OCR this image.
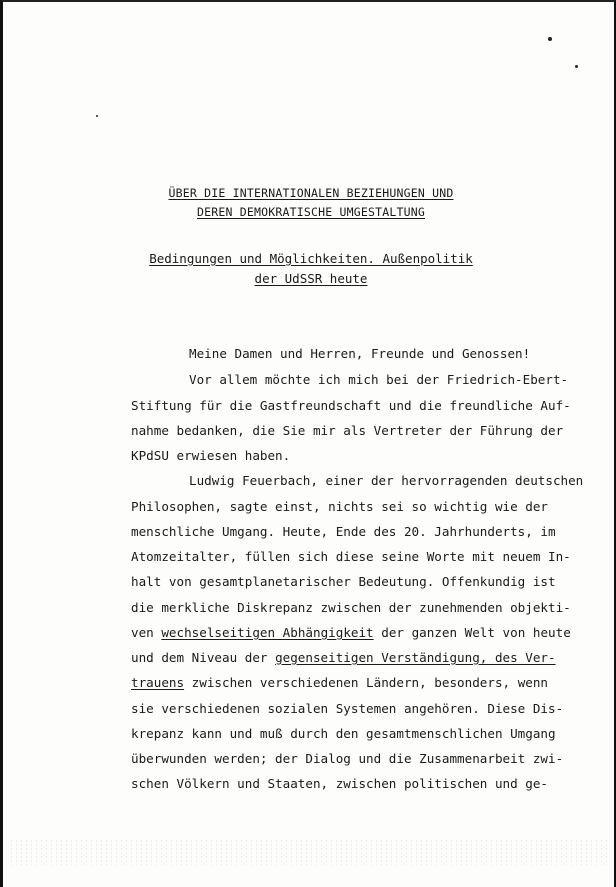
ÜBER DIE INTERNATIONALEN BEZIEHUNGEN UND
DEREN DEMOKRATISCHE UMGESTALTUNG
Bedingungen und Möglichkeiten. Außenpolitik
der UdSSR heute
Meine Damen und Herren, Freunde und Genossen!
Vor allem möchte ich mich bei der Friedrich-Ebert-
Stiftung für die Gastfreundschaft und die freundliche Auf-
nahme bedanken, die Sie mir als Vertreter der Führung der
KPdSU erwiesen haben.
Ludwig Feuerbach, einer der hervorragenden deutschen
Philosophen, sagte einst, nichts sei so wichtig wie der
menschliche Umgang. Heute, Ende des 20. Jahrhunderts, im
Atomzeitalter, füllen sich diese seine Worte mit neuem In-
halt von gesamtplanetarischer Bedeutung. Offenkundig ist
die merkliche Diskrepanz zwischen der zunehmenden objekti-
ven wechselseitigen Abhängigkeit der ganzen Welt von heute
und dem Niveau der gegenseitigen Verständigung, des Ver-
trauens zwischen verschiedenen Ländern, besonders, wenn
sie verschiedenen sozialen Systemen angehören. Diese Dis-
krepanz kann und muß durch den gesamtmenschlichen Umgang
überwunden werden; der Dialog und die Zusammenarbeit zwi-
schen Völkern und Staaten, zwischen politischen und ge-
